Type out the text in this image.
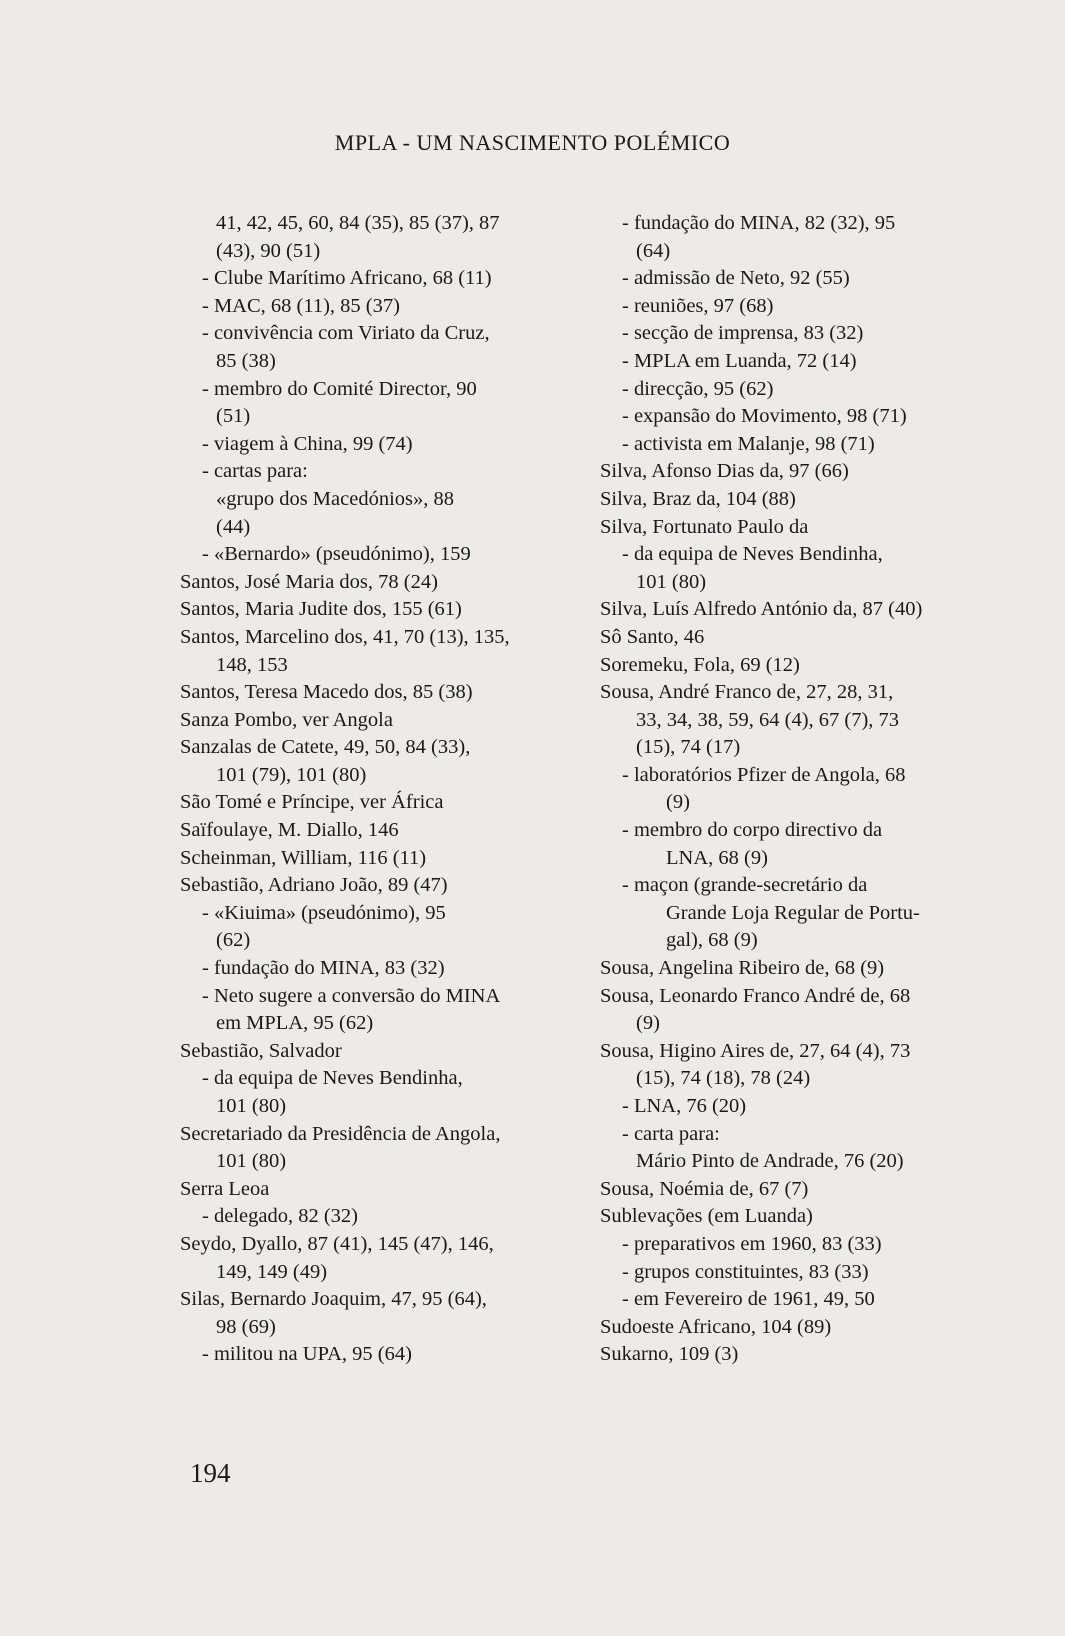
MPLA - UM NASCIMENTO POLÉMICO
41, 42, 45, 60, 84 (35), 85 (37), 87
(43), 90 (51)
- Clube Marítimo Africano, 68 (11)
- MAC, 68 (11), 85 (37)
- convivência com Viriato da Cruz,
85 (38)
- membro do Comité Director, 90
(51)
- viagem à China, 99 (74)
- cartas para:
«grupo dos Macedónios», 88
(44)
- «Bernardo» (pseudónimo), 159
Santos, José Maria dos, 78 (24)
Santos, Maria Judite dos, 155 (61)
Santos, Marcelino dos, 41, 70 (13), 135,
148, 153
Santos, Teresa Macedo dos, 85 (38)
Sanza Pombo, ver Angola
Sanzalas de Catete, 49, 50, 84 (33),
101 (79), 101 (80)
São Tomé e Príncipe, ver África
Saïfoulaye, M. Diallo, 146
Scheinman, William, 116 (11)
Sebastião, Adriano João, 89 (47)
- «Kiuima» (pseudónimo), 95
(62)
- fundação do MINA, 83 (32)
- Neto sugere a conversão do MINA
em MPLA, 95 (62)
Sebastião, Salvador
- da equipa de Neves Bendinha,
101 (80)
Secretariado da Presidência de Angola,
101 (80)
Serra Leoa
- delegado, 82 (32)
Seydo, Dyallo, 87 (41), 145 (47), 146,
149, 149 (49)
Silas, Bernardo Joaquim, 47, 95 (64),
98 (69)
- militou na UPA, 95 (64)
- fundação do MINA, 82 (32), 95
(64)
- admissão de Neto, 92 (55)
- reuniões, 97 (68)
- secção de imprensa, 83 (32)
- MPLA em Luanda, 72 (14)
- direcção, 95 (62)
- expansão do Movimento, 98 (71)
- activista em Malanje, 98 (71)
Silva, Afonso Dias da, 97 (66)
Silva, Braz da, 104 (88)
Silva, Fortunato Paulo da
- da equipa de Neves Bendinha,
101 (80)
Silva, Luís Alfredo António da, 87 (40)
Sô Santo, 46
Soremeku, Fola, 69 (12)
Sousa, André Franco de, 27, 28, 31,
33, 34, 38, 59, 64 (4), 67 (7), 73
(15), 74 (17)
- laboratórios Pfizer de Angola, 68
(9)
- membro do corpo directivo da
LNA, 68 (9)
- maçon (grande-secretário da
Grande Loja Regular de Portu-
gal), 68 (9)
Sousa, Angelina Ribeiro de, 68 (9)
Sousa, Leonardo Franco André de, 68
(9)
Sousa, Higino Aires de, 27, 64 (4), 73
(15), 74 (18), 78 (24)
- LNA, 76 (20)
- carta para:
Mário Pinto de Andrade, 76 (20)
Sousa, Noémia de, 67 (7)
Sublevações (em Luanda)
- preparativos em 1960, 83 (33)
- grupos constituintes, 83 (33)
- em Fevereiro de 1961, 49, 50
Sudoeste Africano, 104 (89)
Sukarno, 109 (3)
194
